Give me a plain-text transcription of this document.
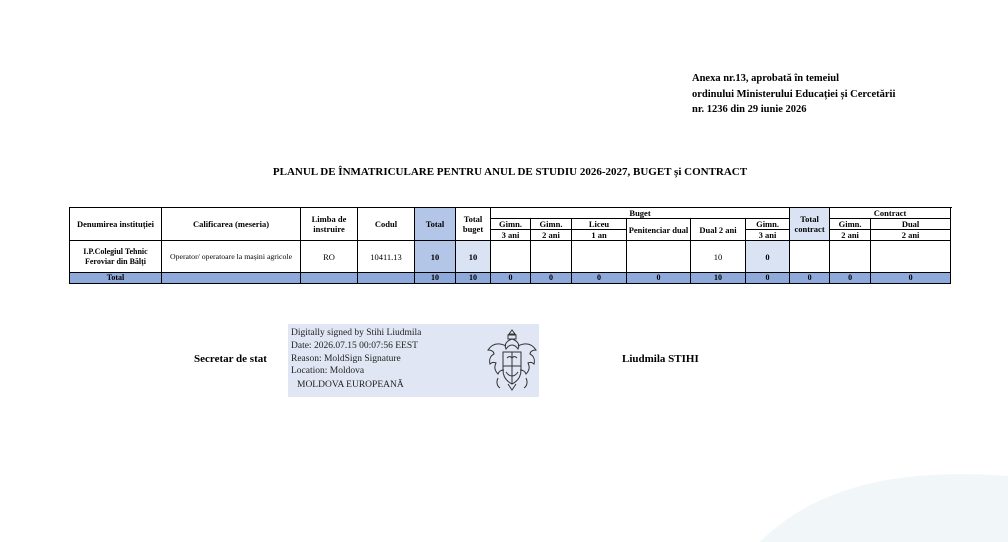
Anexa nr.13, aprobată în temeiul
ordinului Ministerului Educației și Cercetării
nr. 1236 din 29 iunie 2026
PLANUL DE ÎNMATRICULARE PENTRU ANUL DE STUDIU 2026-2027, BUGET și CONTRACT
Denumirea instituției	Calificarea (meseria)	Limba de instruire	Codul	Total	Total buget	Buget						Total contract	Contract	
						Gimn.	Gimn.	Liceu	Penitenciar dual	Dual 2 ani	Gimn.		Gimn.	Dual
						3 ani	2 ani	1 an			3 ani		2 ani	2 ani
I.P.Colegiul Tehnic Feroviar din Bălți	Operator/ operatoare la mașini agricole	RO	10411.13	10	10					10	0			
Total				10	10	0	0	0	0	10	0	0	0	0
Secretar de stat
Digitally signed by Stihi Liudmila
Date: 2026.07.15 00:07:56 EEST
Reason: MoldSign Signature
Location: Moldova
MOLDOVA EUROPEANĂ
Liudmila STIHI
